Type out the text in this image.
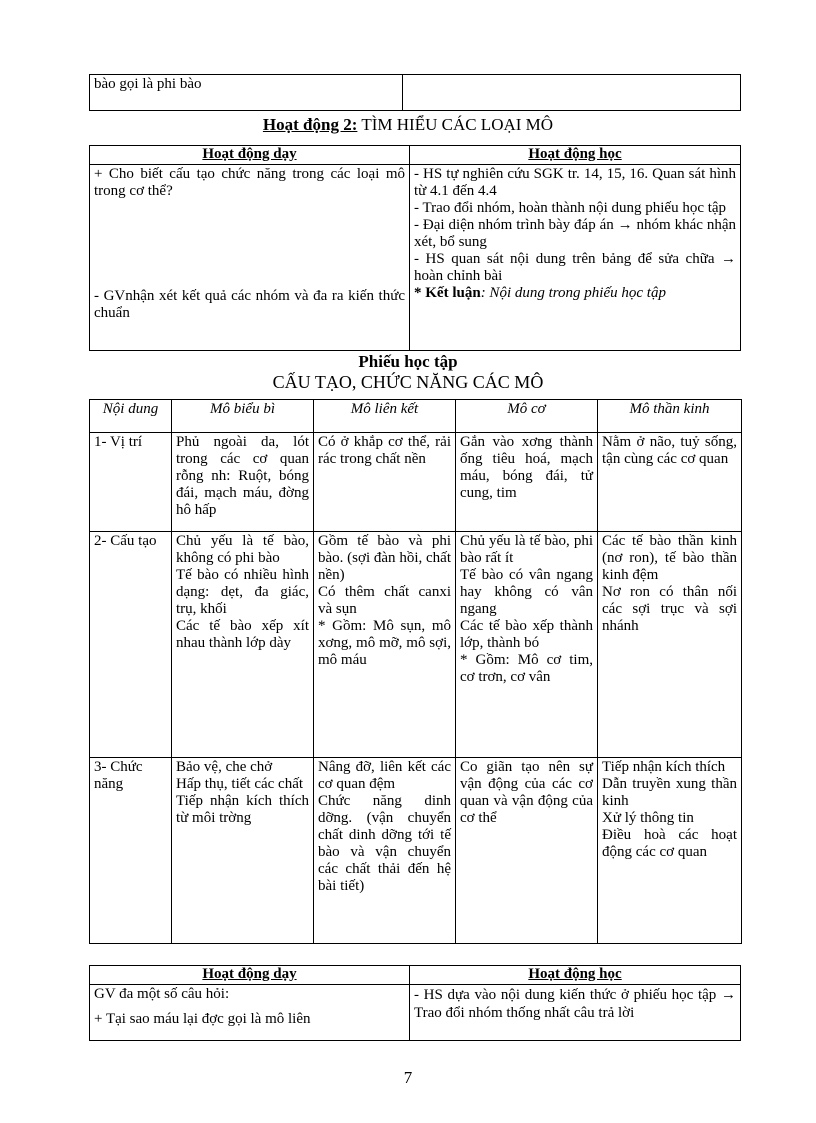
bào gọi là phi bào	
Hoạt động 2: TÌM HIỂU CÁC LOẠI MÔ
Hoạt động dạy	Hoạt động học

+ Cho biết cấu tạo chức năng trong các loại mô trong cơ thể?
- GVnhận xét kết quả các nhóm và đa ra kiến thức chuẩn	- HS tự nghiên cứu SGK tr. 14, 15, 16. Quan sát hình từ 4.1 đến 4.4
- Trao đổi nhóm, hoàn thành nội dung phiếu học tập
- Đại diện nhóm trình bày đáp án → nhóm khác nhận xét, bổ sung
- HS quan sát nội dung trên bảng để sửa chữa → hoàn chỉnh bài
* Kết luận: Nội dung trong phiếu học tập
Phiếu học tập
CẤU TẠO, CHỨC NĂNG CÁC MÔ
Nội dung	Mô biểu bì	Mô liên kết	Mô cơ	Mô thần kinh
1- Vị trí	Phủ ngoài da, lót trong các cơ quan rỗng nh: Ruột, bóng đái, mạch máu, đờng hô hấp	Có ở khắp cơ thể, rải rác trong chất nền	Gắn vào xơng thành ống tiêu hoá, mạch máu, bóng đái, tử cung, tim	Nằm ở não, tuỷ sống, tận cùng các cơ quan
2- Cấu tạo	Chủ yếu là tế bào, không có phi bào
Tế bào có nhiều hình dạng: dẹt, đa giác, trụ, khối
Các tế bào xếp xít nhau thành lớp dày	Gồm tế bào và phi bào. (sợi đàn hồi, chất nền)
Có thêm chất canxi và sụn
* Gồm: Mô sụn, mô xơng, mô mỡ, mô sợi, mô máu	Chủ yếu là tế bào, phi bào rất ít
Tế bào có vân ngang hay không có vân ngang
Các tế bào xếp thành lớp, thành bó
* Gồm: Mô cơ tim, cơ trơn, cơ vân	Các tế bào thần kinh (nơ ron), tế bào thần kinh đệm
Nơ ron có thân nối các sợi trục và sợi nhánh

3- Chức năng	Bảo vệ, che chở
Hấp thụ, tiết các chất
Tiếp nhận kích thích từ môi trờng	Nâng đỡ, liên kết các cơ quan đệm
Chức năng dinh dỡng. (vận chuyển chất dinh dỡng tới tế bào và vận chuyển các chất thải đến hệ bài tiết)	Co giãn tạo nên sự vận động của các cơ quan và vận động của cơ thể	Tiếp nhận kích thích
Dẫn truyền xung thần kinh
Xử lý thông tin
Điều hoà các hoạt động các cơ quan
Hoạt động dạy	Hoạt động học

GV đa một số câu hỏi:
+ Tại sao máu lại đợc gọi là mô liên	- HS dựa vào nội dung kiến thức ở phiếu học tập → Trao đổi nhóm thống nhất câu trả lời
7
